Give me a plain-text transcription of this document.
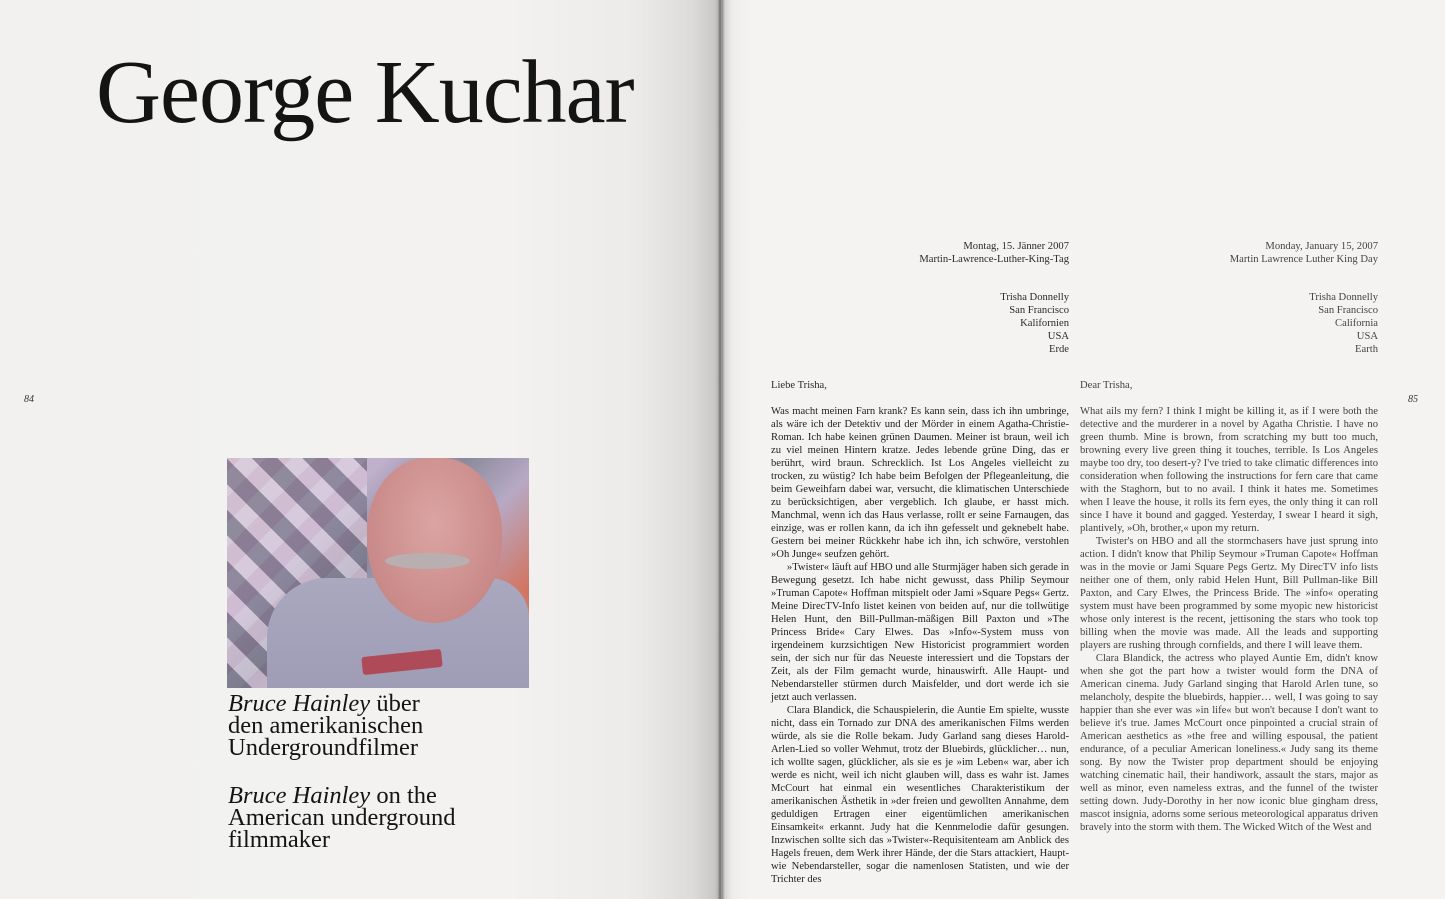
George Kuchar
84
Bruce Hainley über
den amerikanischen
Undergroundfilmer
Bruce Hainley on the
American underground
filmmaker
85
Montag, 15. Jänner 2007
Martin-Lawrence-Luther-King-Tag
Trisha Donnelly
San Francisco
Kalifornien
USA
Erde
Monday, January 15, 2007
Martin Lawrence Luther King Day
Trisha Donnelly
San Francisco
California
USA
Earth
Liebe Trisha,	Dear Trisha,

Was macht meinen Farn krank? Es kann sein, dass ich ihn umbringe, als wäre ich der Detektiv und der Mörder in einem Agatha-Christie-Roman. Ich habe keinen grünen Daumen. Meiner ist braun, weil ich zu viel meinen Hintern kratze. Jedes lebende grüne Ding, das er berührt, wird braun. Schrecklich. Ist Los Angeles vielleicht zu trocken, zu wüstig? Ich habe beim Befolgen der Pflegeanleitung, die beim Geweihfarn dabei war, versucht, die klimatischen Unterschiede zu berücksichtigen, aber vergeblich. Ich glaube, er hasst mich. Manchmal, wenn ich das Haus verlasse, rollt er seine Farnaugen, das einzige, was er rollen kann, da ich ihn gefesselt und geknebelt habe. Gestern bei meiner Rückkehr habe ich ihn, ich schwöre, verstohlen »Oh Junge« seufzen gehört.

»Twister« läuft auf HBO und alle Sturmjäger haben sich gerade in Bewegung gesetzt. Ich habe nicht gewusst, dass Philip Seymour »Truman Capote« Hoffman mitspielt oder Jami »Square Pegs« Gertz. Meine DirecTV-Info listet keinen von beiden auf, nur die tollwütige Helen Hunt, den Bill-Pullman-mäßigen Bill Paxton und »The Princess Bride« Cary Elwes. Das »Info«-System muss von irgendeinem kurzsichtigen New Historicist programmiert worden sein, der sich nur für das Neueste interessiert und die Topstars der Zeit, als der Film gemacht wurde, hinauswirft. Alle Haupt- und Nebendarsteller stürmen durch Maisfelder, und dort werde ich sie jetzt auch verlassen.

Clara Blandick, die Schauspielerin, die Auntie Em spielte, wusste nicht, dass ein Tornado zur DNA des amerikanischen Films werden würde, als sie die Rolle bekam. Judy Garland sang dieses Harold-Arlen-Lied so voller Wehmut, trotz der Bluebirds, glücklicher… nun, ich wollte sagen, glücklicher, als sie es je »im Leben« war, aber ich werde es nicht, weil ich nicht glauben will, dass es wahr ist. James McCourt hat einmal ein wesentliches Charakteristikum der amerikanischen Ästhetik in »der freien und gewollten Annahme, dem geduldigen Ertragen einer eigentümlichen amerikanischen Einsamkeit« erkannt. Judy hat die Kennmelodie dafür gesungen. Inzwischen sollte sich das »Twister«-Requisitenteam am Anblick des Hagels freuen, dem Werk ihrer Hände, der die Stars attackiert, Haupt- wie Nebendarsteller, sogar die namenlosen Statisten, und wie der Trichter des

What ails my fern? I think I might be killing it, as if I were both the detective and the murderer in a novel by Agatha Christie. I have no green thumb. Mine is brown, from scratching my butt too much, browning every live green thing it touches, terrible. Is Los Angeles maybe too dry, too desert-y? I've tried to take climatic differences into consideration when following the instructions for fern care that came with the Staghorn, but to no avail. I think it hates me. Sometimes when I leave the house, it rolls its fern eyes, the only thing it can roll since I have it bound and gagged. Yesterday, I swear I heard it sigh, plantively, »Oh, brother,« upon my return.

Twister's on HBO and all the stormchasers have just sprung into action. I didn't know that Philip Seymour »Truman Capote« Hoffman was in the movie or Jami Square Pegs Gertz. My DirecTV info lists neither one of them, only rabid Helen Hunt, Bill Pullman-like Bill Paxton, and Cary Elwes, the Princess Bride. The »info« operating system must have been programmed by some myopic new historicist whose only interest is the recent, jettisoning the stars who took top billing when the movie was made. All the leads and supporting players are rushing through cornfields, and there I will leave them.

Clara Blandick, the actress who played Auntie Em, didn't know when she got the part how a twister would form the DNA of American cinema. Judy Garland singing that Harold Arlen tune, so melancholy, despite the bluebirds, happier… well, I was going to say happier than she ever was »in life« but won't because I don't want to believe it's true. James McCourt once pinpointed a crucial strain of American aesthetics as »the free and willing espousal, the patient endurance, of a peculiar American loneliness.« Judy sang its theme song. By now the Twister prop department should be enjoying watching cinematic hail, their handiwork, assault the stars, major as well as minor, even nameless extras, and the funnel of the twister setting down. Judy-Dorothy in her now iconic blue gingham dress, mascot insignia, adorns some serious meteorological apparatus driven bravely into the storm with them. The Wicked Witch of the West and
